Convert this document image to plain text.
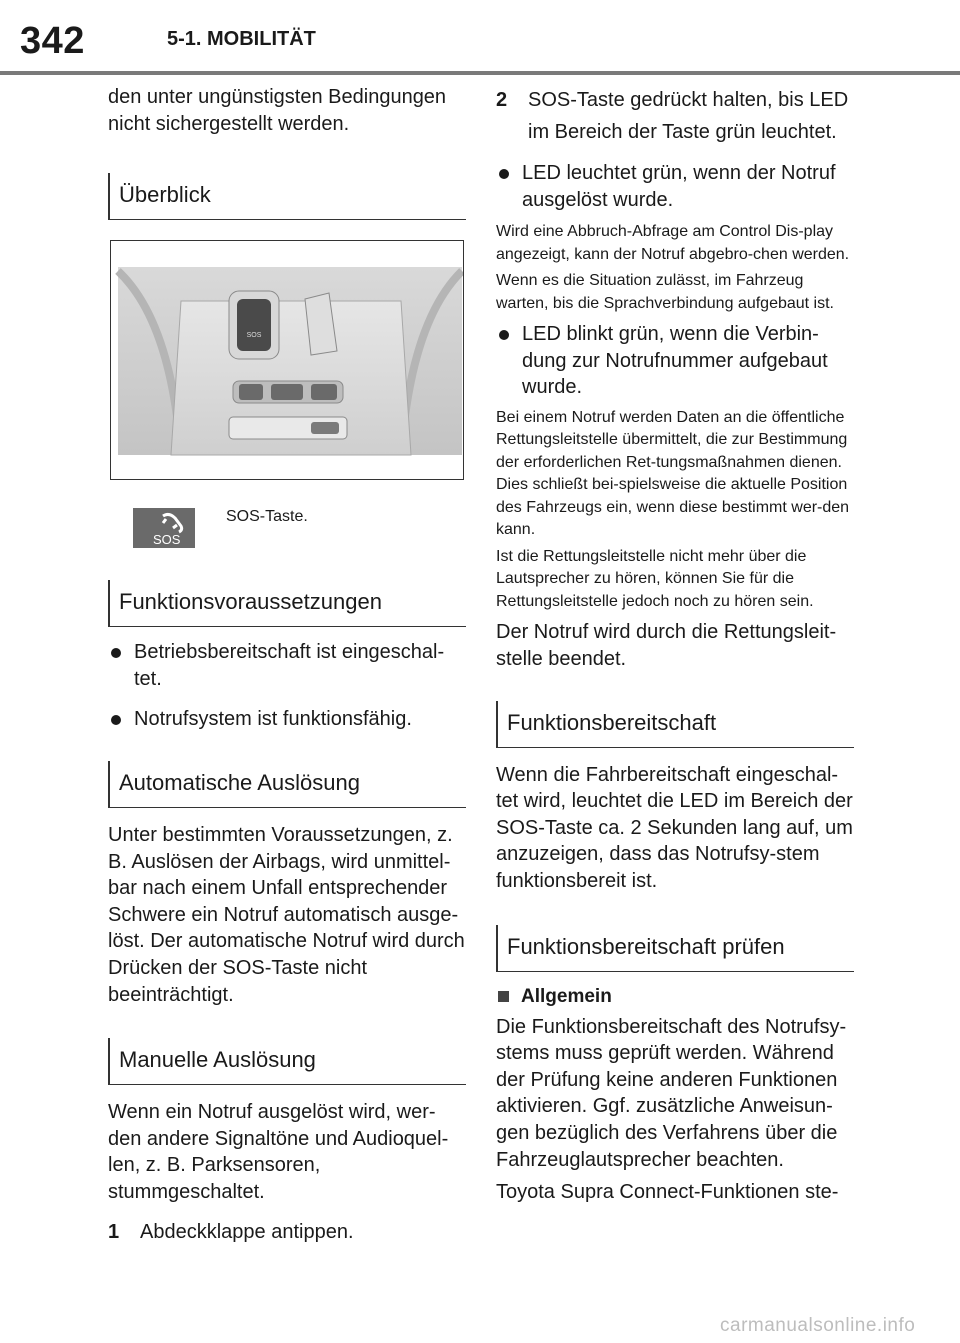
342	5-1. MOBILITÄT

den unter ungünstigsten Bedingungen nicht sichergestellt werden.

Überblick
SOS
SOS
SOS-Taste.
Funktionsvoraussetzungen
Betriebsbereitschaft ist eingeschal-tet.
Notrufsystem ist funktionsfähig.
Automatische Auslösung

Unter bestimmten Voraussetzungen, z. B. Auslösen der Airbags, wird unmittel-bar nach einem Unfall entsprechender Schwere ein Notruf automatisch ausge-löst. Der automatische Notruf wird durch Drücken der SOS-Taste nicht beeinträchtigt.

Manuelle Auslösung

Wenn ein Notruf ausgelöst wird, wer-den andere Signaltöne und Audioquel-len, z. B. Parksensoren, stummgeschaltet.

1 Abdeckklappe antippen.
2 SOS-Taste gedrückt halten, bis LED im Bereich der Taste grün leuchtet.
LED leuchtet grün, wenn der Notruf ausgelöst wurde.

Wird eine Abbruch-Abfrage am Control Dis-play angezeigt, kann der Notruf abgebro-chen werden.

Wenn es die Situation zulässt, im Fahrzeug warten, bis die Sprachverbindung aufgebaut ist.

LED blinkt grün, wenn die Verbin-dung zur Notrufnummer aufgebaut wurde.

Bei einem Notruf werden Daten an die öffentliche Rettungsleitstelle übermittelt, die zur Bestimmung der erforderlichen Ret-tungsmaßnahmen dienen. Dies schließt bei-spielsweise die aktuelle Position des Fahrzeugs ein, wenn diese bestimmt wer-den kann.

Ist die Rettungsleitstelle nicht mehr über die Lautsprecher zu hören, können Sie für die Rettungsleitstelle jedoch noch zu hören sein.

Der Notruf wird durch die Rettungsleit-stelle beendet.

Funktionsbereitschaft

Wenn die Fahrbereitschaft eingeschal-tet wird, leuchtet die LED im Bereich der SOS-Taste ca. 2 Sekunden lang auf, um anzuzeigen, dass das Notrufsy-stem funktionsbereit ist.

Funktionsbereitschaft prüfen
Allgemein

Die Funktionsbereitschaft des Notrufsy-stems muss geprüft werden. Während der Prüfung keine anderen Funktionen aktivieren. Ggf. zusätzliche Anweisun-gen bezüglich des Verfahrens über die Fahrzeuglautsprecher beachten.

Toyota Supra Connect-Funktionen ste-

carmanualsonline.info
